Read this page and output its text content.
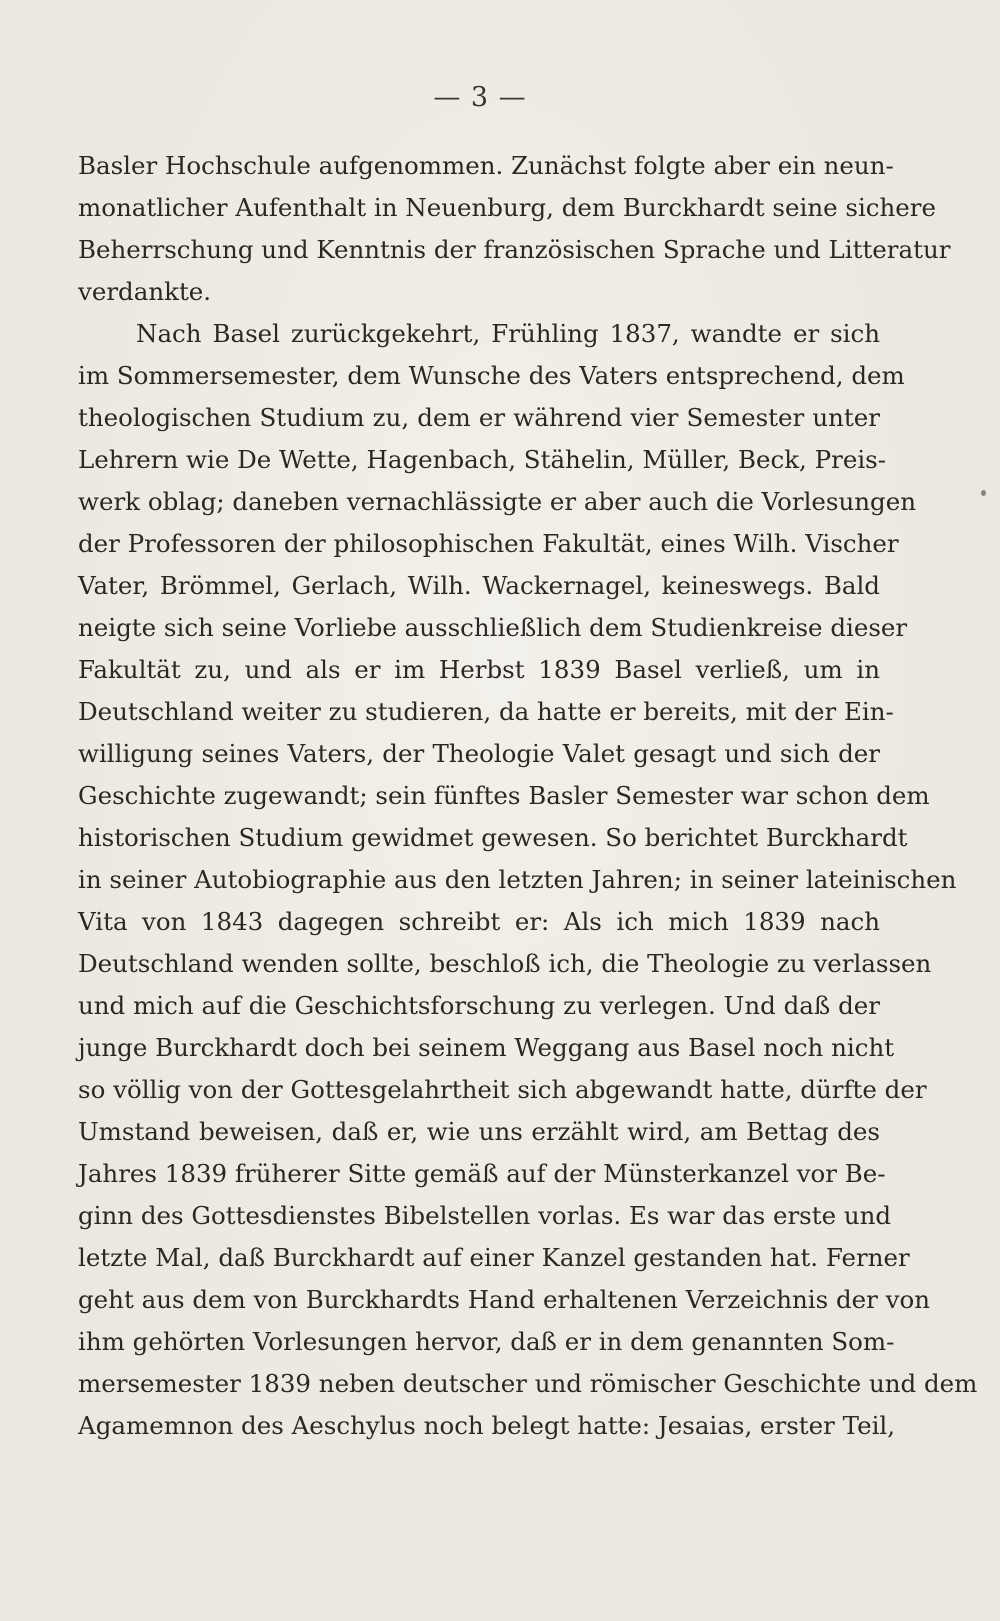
— 3 —
Basler Hochschule aufgenommen. Zunächst folgte aber ein neun-
monatlicher Aufenthalt in Neuenburg, dem Burckhardt seine sichere
Beherrschung und Kenntnis der französischen Sprache und Litteratur
verdankte.
Nach Basel zurückgekehrt, Frühling 1837, wandte er sich
im Sommersemester, dem Wunsche des Vaters entsprechend, dem
theologischen Studium zu, dem er während vier Semester unter
Lehrern wie De Wette, Hagenbach, Stähelin, Müller, Beck, Preis-
werk oblag; daneben vernachlässigte er aber auch die Vorlesungen
der Professoren der philosophischen Fakultät, eines Wilh. Vischer
Vater, Brömmel, Gerlach, Wilh. Wackernagel, keineswegs. Bald
neigte sich seine Vorliebe ausschließlich dem Studienkreise dieser
Fakultät zu, und als er im Herbst 1839 Basel verließ, um in
Deutschland weiter zu studieren, da hatte er bereits, mit der Ein-
willigung seines Vaters, der Theologie Valet gesagt und sich der
Geschichte zugewandt; sein fünftes Basler Semester war schon dem
historischen Studium gewidmet gewesen. So berichtet Burckhardt
in seiner Autobiographie aus den letzten Jahren; in seiner lateinischen
Vita von 1843 dagegen schreibt er: Als ich mich 1839 nach
Deutschland wenden sollte, beschloß ich, die Theologie zu verlassen
und mich auf die Geschichtsforschung zu verlegen. Und daß der
junge Burckhardt doch bei seinem Weggang aus Basel noch nicht
so völlig von der Gottesgelahrtheit sich abgewandt hatte, dürfte der
Umstand beweisen, daß er, wie uns erzählt wird, am Bettag des
Jahres 1839 früherer Sitte gemäß auf der Münsterkanzel vor Be-
ginn des Gottesdienstes Bibelstellen vorlas. Es war das erste und
letzte Mal, daß Burckhardt auf einer Kanzel gestanden hat. Ferner
geht aus dem von Burckhardts Hand erhaltenen Verzeichnis der von
ihm gehörten Vorlesungen hervor, daß er in dem genannten Som-
mersemester 1839 neben deutscher und römischer Geschichte und dem
Agamemnon des Aeschylus noch belegt hatte: Jesaias, erster Teil,
